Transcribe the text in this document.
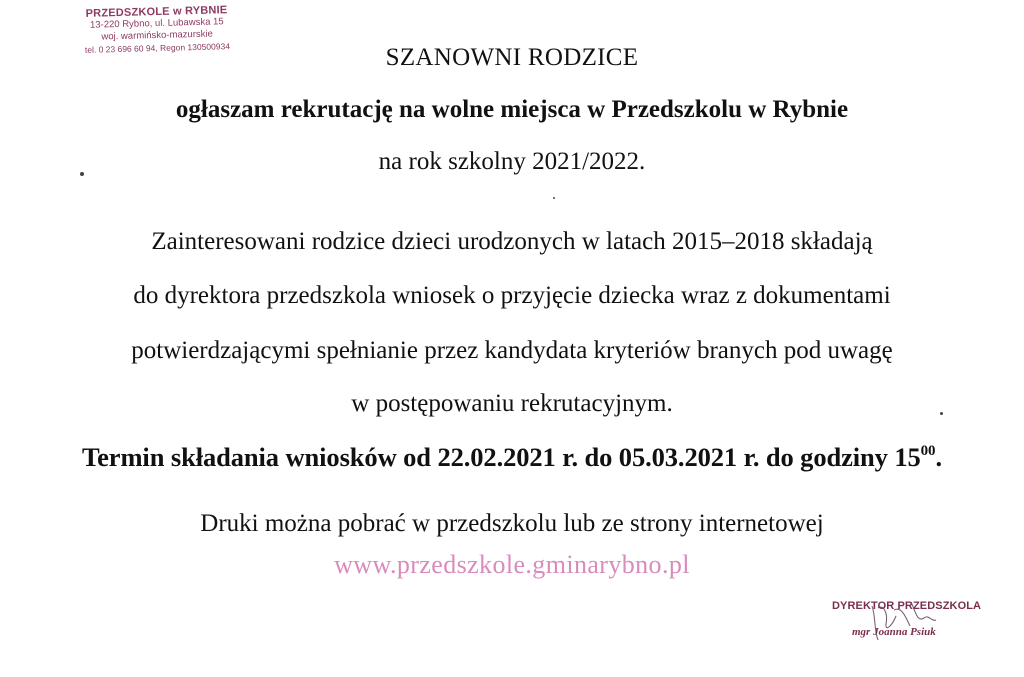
PRZEDSZKOLE w RYBNIE
13-220 Rybno, ul. Lubawska 15
woj. warmińsko-mazurskie
tel. 0 23 696 60 94, Regon 130500934	SZANOWNI RODZICE
ogłaszam rekrutację na wolne miejsca w Przedszkolu w Rybnie
na rok szkolny 2021/2022.
Zainteresowani rodzice dzieci urodzonych w latach 2015–2018 składają
do dyrektora przedszkola wniosek o przyjęcie dziecka wraz z dokumentami
potwierdzającymi spełnianie przez kandydata kryteriów branych pod uwagę
w postępowaniu rekrutacyjnym.
Termin składania wniosków od 22.02.2021 r. do 05.03.2021 r. do godziny $15^{00}$.
Druki można pobrać w przedszkolu lub ze strony internetowej
www.przedszkole.gminarybno.pl
DYREKTOR PRZEDSZKOLA
mgr Joanna Psiuk
